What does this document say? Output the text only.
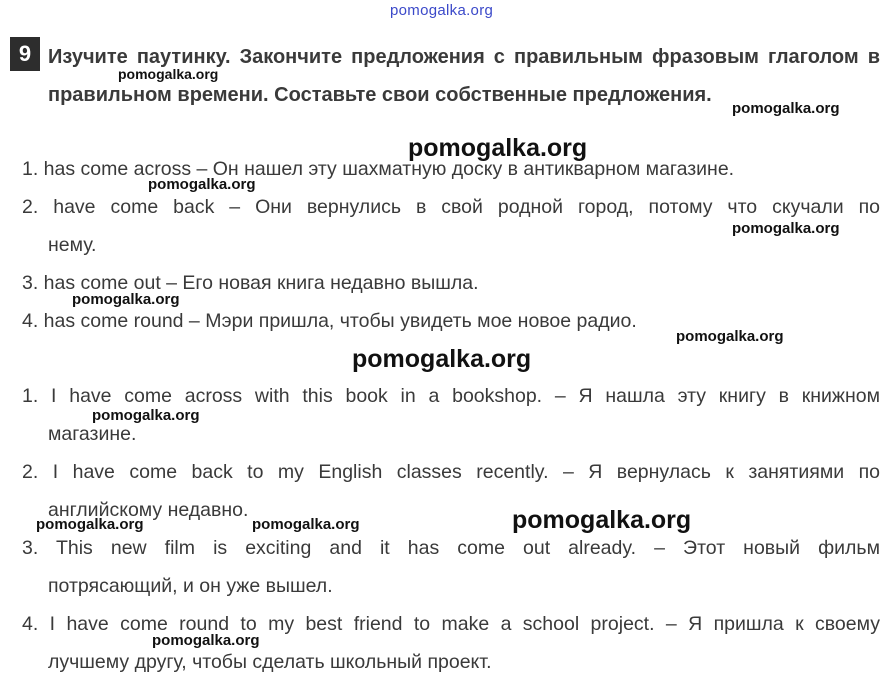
pomogalka.org
9 Изучите паутинку. Закончите предложения с правильным фразовым глаголом в правильном времени. Составьте свои собственные предложения.

1. has come across – Он нашел эту шахматную доску в антикварном магазине.

2. have come back – Они вернулись в свой родной город, потому что скучали по

нему.

3. has come out – Его новая книга недавно вышла.

4. has come round – Мэри пришла, чтобы увидеть мое новое радио.

1. I have come across with this book in a bookshop. – Я нашла эту книгу в книжном

магазине.

2. I have come back to my English classes recently. – Я вернулась к занятиями по

английскому недавно.

3. This new film is exciting and it has come out already. – Этот новый фильм

потрясающий, и он уже вышел.

4. I have come round to my best friend to make a school project. – Я пришла к своему

лучшему другу, чтобы сделать школьный проект.

pomogalka.org
pomogalka.org
pomogalka.org
pomogalka.org
pomogalka.org
pomogalka.org
pomogalka.org
pomogalka.org
pomogalka.org
pomogalka.org	pomogalka.org	pomogalka.org
pomogalka.org
